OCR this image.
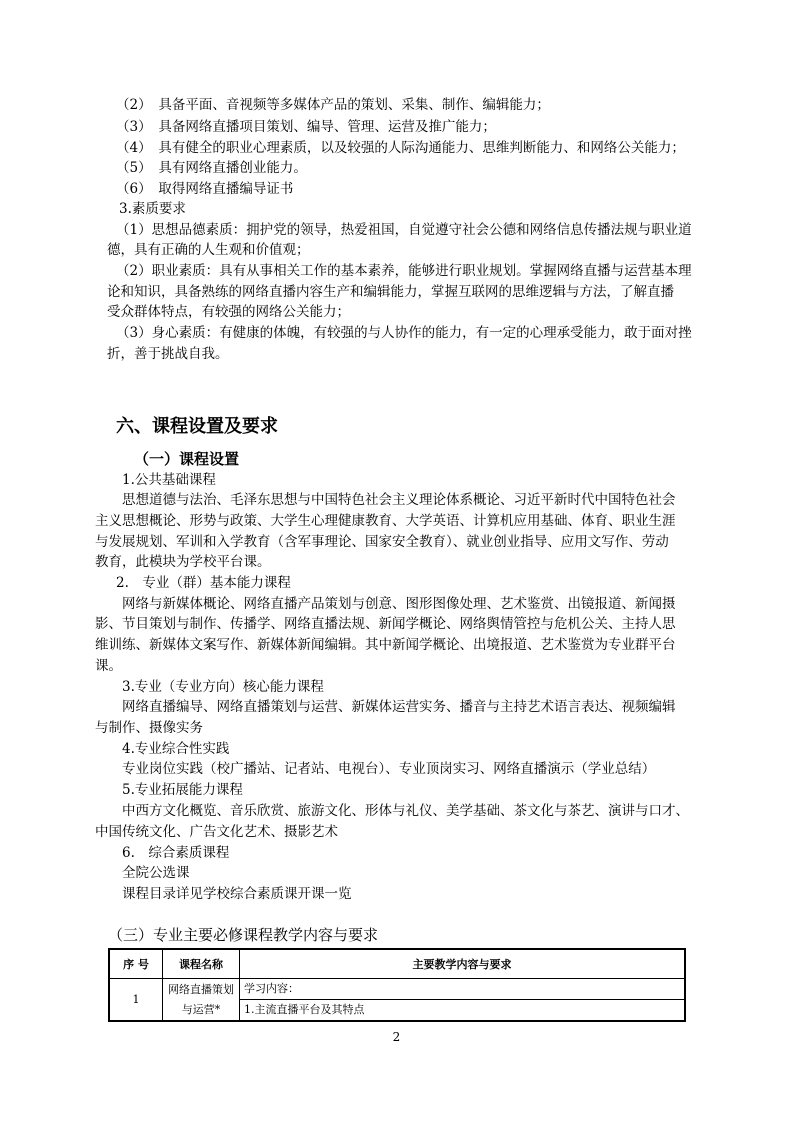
（2）　具备平面、音视频等多媒体产品的策划、采集、制作、编辑能力；
（3）　具备网络直播项目策划、编导、管理、运营及推广能力；
（4）　具有健全的职业心理素质，以及较强的人际沟通能力、思维判断能力、和网络公关能力；
（5）　具有网络直播创业能力。
（6）　取得网络直播编导证书
3.素质要求
（1）思想品德素质：拥护党的领导，热爱祖国，自觉遵守社会公德和网络信息传播法规与职业道
德，具有正确的人生观和价值观；
（2）职业素质：具有从事相关工作的基本素养，能够进行职业规划。掌握网络直播与运营基本理
论和知识，具备熟练的网络直播内容生产和编辑能力，掌握互联网的思维逻辑与方法，了解直播
受众群体特点，有较强的网络公关能力；
（3）身心素质：有健康的体魄，有较强的与人协作的能力，有一定的心理承受能力，敢于面对挫
折，善于挑战自我。
六、课程设置及要求
（一）课程设置
1.公共基础课程
思想道德与法治、毛泽东思想与中国特色社会主义理论体系概论、习近平新时代中国特色社会
主义思想概论、形势与政策、大学生心理健康教育、大学英语、计算机应用基础、体育、职业生涯
与发展规划、军训和入学教育（含军事理论、国家安全教育）、就业创业指导、应用文写作、劳动
教育，此模块为学校平台课。
2.　专业（群）基本能力课程
网络与新媒体概论、网络直播产品策划与创意、图形图像处理、艺术鉴赏、出镜报道、新闻摄
影、节目策划与制作、传播学、网络直播法规、新闻学概论、网络舆情管控与危机公关、主持人思
维训练、新媒体文案写作、新媒体新闻编辑。其中新闻学概论、出境报道、艺术鉴赏为专业群平台
课。
3.专业（专业方向）核心能力课程
网络直播编导、网络直播策划与运营、新媒体运营实务、播音与主持艺术语言表达、视频编辑
与制作、摄像实务
4.专业综合性实践
专业岗位实践（校广播站、记者站、电视台）、专业顶岗实习、网络直播演示（学业总结）
5.专业拓展能力课程
中西方文化概览、音乐欣赏、旅游文化、形体与礼仪、美学基础、茶文化与茶艺、演讲与口才、
中国传统文化、广告文化艺术、摄影艺术
6.　综合素质课程
全院公选课
课程目录详见学校综合素质课开课一览
（三）专业主要必修课程教学内容与要求
序 号	课程名称	主要教学内容与要求
1	网络直播策划与运营*	学习内容：
1.主流直播平台及其特点
2
